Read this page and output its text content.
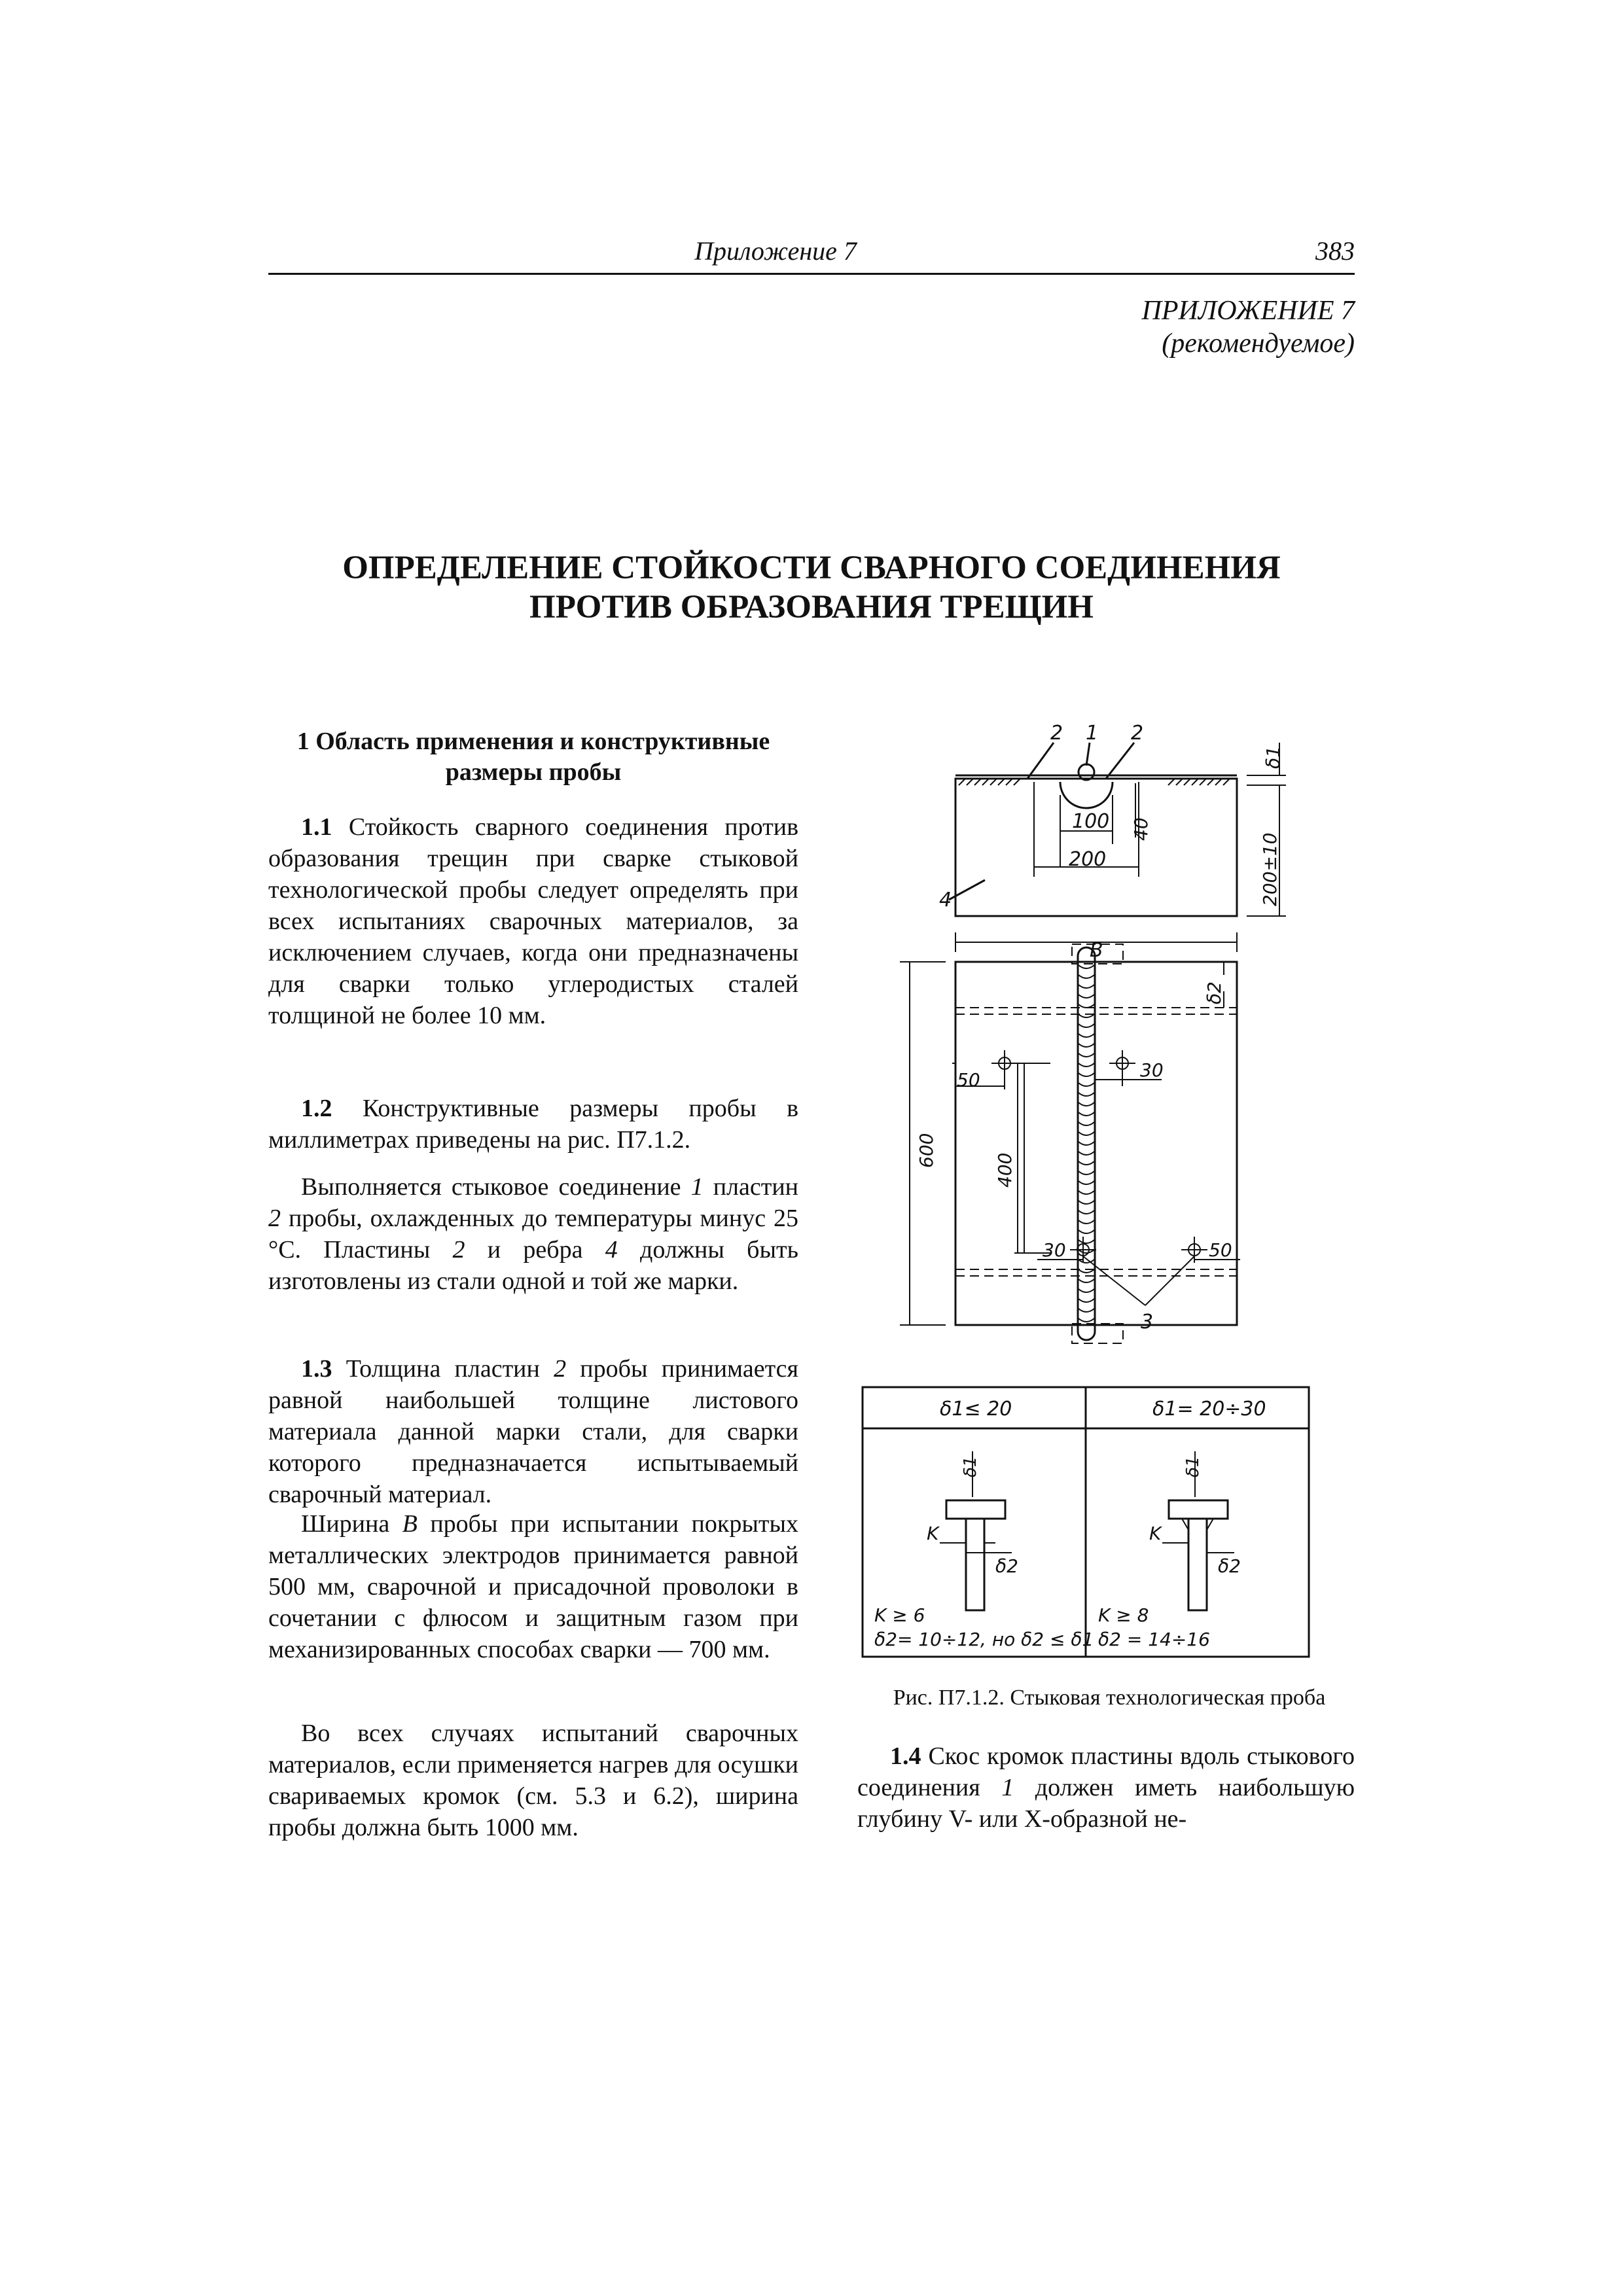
Приложение 7	383
ПРИЛОЖЕНИЕ 7
(рекомендуемое)
ОПРЕДЕЛЕНИЕ СТОЙКОСТИ СВАРНОГО СОЕДИНЕНИЯ
ПРОТИВ ОБРАЗОВАНИЯ ТРЕЩИН
1 Область применения и конструктивные
размеры пробы

1.1 Стойкость сварного соединения против образования трещин при сварке стыковой технологической пробы следует определять при всех испытаниях сварочных материалов, за исключением случаев, когда они предназначены для сварки только углеродистых сталей толщиной не более 10 мм.

1.2 Конструктивные размеры пробы в миллиметрах приведены на рис. П7.1.2.

Выполняется стыковое соединение 1 пластин 2 пробы, охлажденных до температуры минус 25 °С. Пластины 2 и ребра 4 должны быть изготовлены из стали одной и той же марки.

1.3 Толщина пластин 2 пробы принимается равной наибольшей толщине листового материала данной марки стали, для сварки которого предназначается испытываемый сварочный материал.

Ширина B пробы при испытании покрытых металлических электродов принимается равной 500 мм, сварочной и присадочной проволоки в сочетании с флюсом и защитным газом при механизированных способах сварки — 700 мм.

Во всех случаях испытаний сварочных материалов, если применяется нагрев для осушки свариваемых кромок (см. 5.3 и 6.2), ширина пробы должна быть 1000 мм.

2 1 2
4
3
100
200
B
50	30
30	50
40
200±10
δ1
δ2
600
400
δ1≤ 20	δ1= 20÷30
K	K
δ2	δ2
δ1	δ1
K ≥ 6
δ2= 10÷12, но δ2 ≤ δ1
K ≥ 8
δ2 = 14÷16
Рис. П7.1.2. Стыковая технологическая проба

1.4 Скос кромок пластины вдоль стыкового соединения 1 должен иметь наибольшую глубину V- или X-образной не-
